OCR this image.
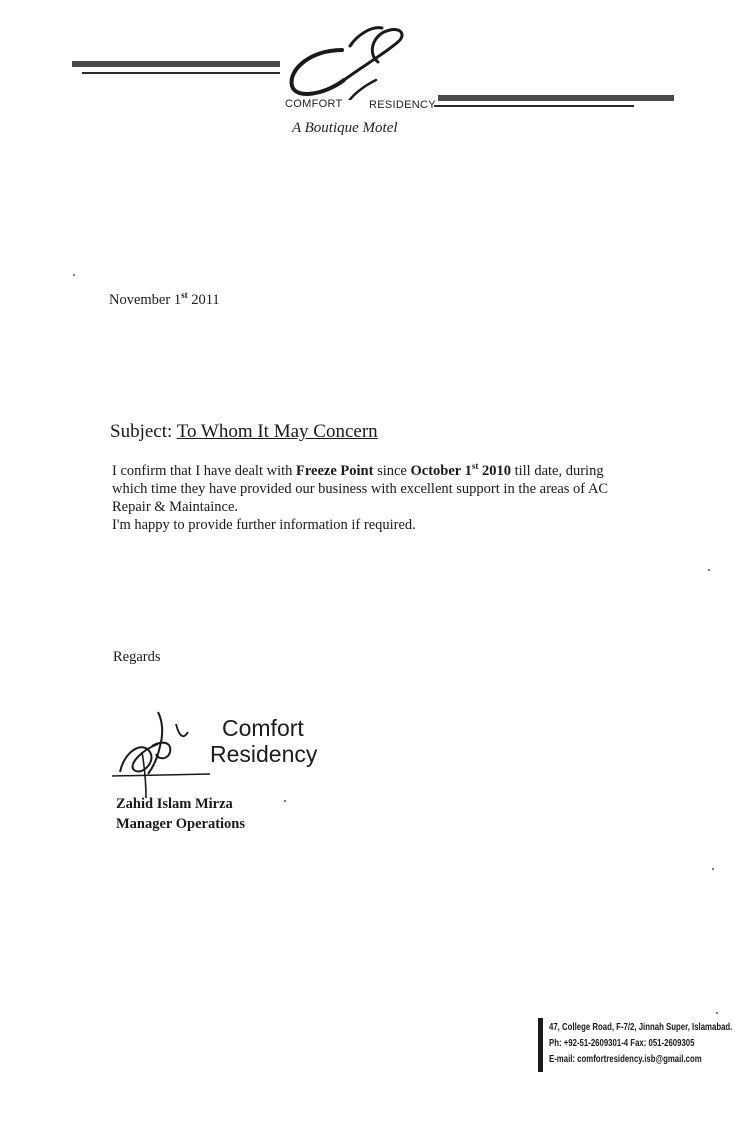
COMFORT RESIDENCY
A Boutique Motel
November 1st 2011
Subject: To Whom It May Concern
I confirm that I have dealt with Freeze Point since October 1st 2010 till date, during
which time they have provided our business with excellent support in the areas of AC
Repair & Maintaince.
I'm happy to provide further information if required.
Regards
Comfort
Residency
Zahid Islam Mirza
Manager Operations
47, College Road, F-7/2, Jinnah Super, Islamabad.
Ph: +92-51-2609301-4 Fax: 051-2609305
E-mail: comfortresidency.isb@gmail.com
